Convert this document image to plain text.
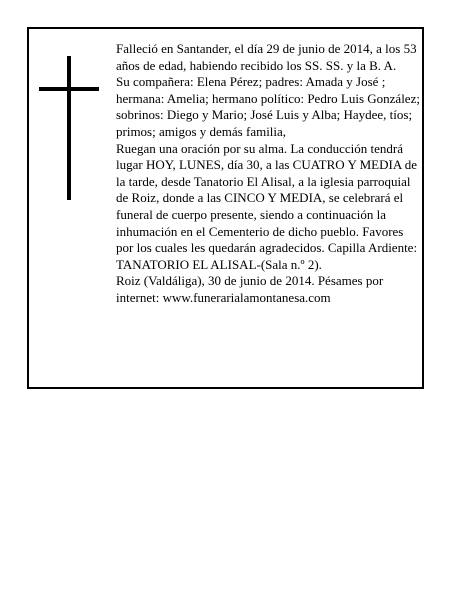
Falleció en Santander, el día 29 de junio de 2014, a los 53 años de edad, habiendo recibido los SS. SS. y la B. A.

Su compañera: Elena Pérez; padres: Amada y José ; hermana: Amelia; hermano político: Pedro Luis González; sobrinos: Diego y Mario; José Luis y Alba; Haydee, tíos; primos; amigos y demás familia,

Ruegan una oración por su alma. La conducción tendrá lugar HOY, LUNES, día 30, a las CUATRO Y MEDIA de la tarde, desde Tanatorio El Alisal, a la iglesia parroquial de Roiz, donde a las CINCO Y MEDIA, se celebrará el funeral de cuerpo presente, siendo a continuación la inhumación en el Cementerio de dicho pueblo. Favores por los cuales les quedarán agradecidos. Capilla Ardiente: TANATORIO EL ALISAL-(Sala n.º 2).

Roiz (Valdáliga), 30 de junio de 2014. Pésames por internet: www.funerarialamontanesa.com
